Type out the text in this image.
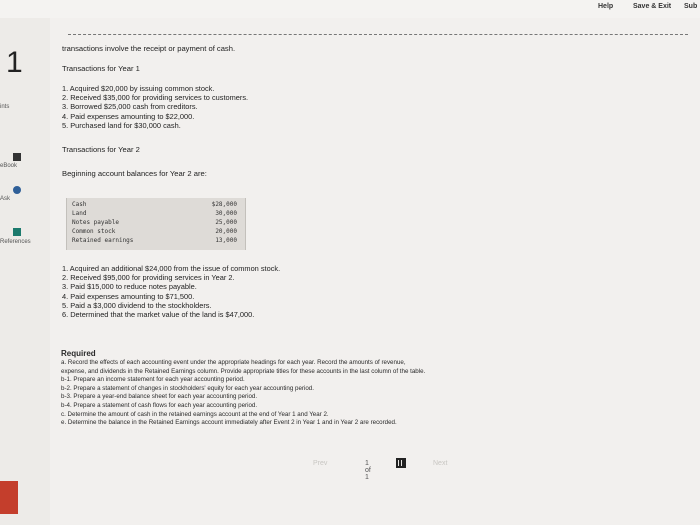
Help	Save & Exit Sub
1
ints
eBook
Ask
References
transactions involve the receipt or payment of cash.
Transactions for Year 1
1. Acquired $20,000 by issuing common stock.
2. Received $35,000 for providing services to customers.
3. Borrowed $25,000 cash from creditors.
4. Paid expenses amounting to $22,000.
5. Purchased land for $30,000 cash.
Transactions for Year 2
Beginning account balances for Year 2 are:
Cash	$28,000
Land	30,000
Notes payable	25,000
Common stock	20,000
Retained earnings	13,000
1. Acquired an additional $24,000 from the issue of common stock.
2. Received $95,000 for providing services in Year 2.
3. Paid $15,000 to reduce notes payable.
4. Paid expenses amounting to $71,500.
5. Paid a $3,000 dividend to the stockholders.
6. Determined that the market value of the land is $47,000.
Required
a. Record the effects of each accounting event under the appropriate headings for each year. Record the amounts of revenue,
expense, and dividends in the Retained Earnings column. Provide appropriate titles for these accounts in the last column of the table.
b-1. Prepare an income statement for each year accounting period.
b-2. Prepare a statement of changes in stockholders' equity for each year accounting period.
b-3. Prepare a year-end balance sheet for each year accounting period.
b-4. Prepare a statement of cash flows for each year accounting period.
c. Determine the amount of cash in the retained earnings account at the end of Year 1 and Year 2.
e. Determine the balance in the Retained Earnings account immediately after Event 2 in Year 1 and in Year 2 are recorded.
Prev	1 of 1
Next
